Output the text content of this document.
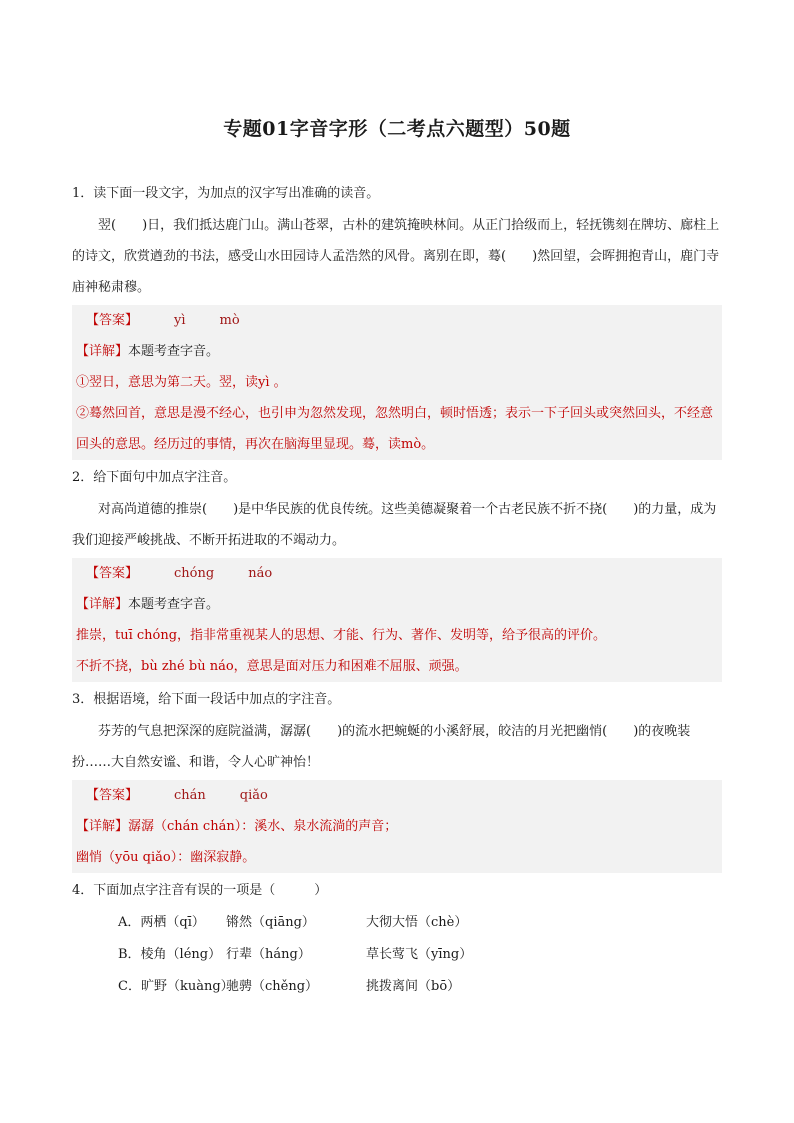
专题01字音字形（二考点六题型）50题
1．读下面一段文字，为加点的汉字写出准确的读音。
翌(　　)日，我们抵达鹿门山。满山苍翠，古朴的建筑掩映林间。从正门拾级而上，轻抚镌刻在牌坊、廊柱上的诗文，欣赏遒劲的书法，感受山水田园诗人孟浩然的风骨。离别在即，蓦(　　)然回望，会晖拥抱青山，鹿门寺庙神秘肃穆。
【答案】	yì	mò
【详解】本题考查字音。
①翌日，意思为第二天。翌，读yì 。
②蓦然回首，意思是漫不经心，也引申为忽然发现，忽然明白，顿时悟透；表示一下子回头或突然回头，不经意回头的意思。经历过的事情，再次在脑海里显现。蓦，读mò。
2．给下面句中加点字注音。
对高尚道德的推崇(　　)是中华民族的优良传统。这些美德凝聚着一个古老民族不折不挠(　　)的力量，成为我们迎接严峻挑战、不断开拓进取的不竭动力。
【答案】	chóng	náo
【详解】本题考查字音。
推崇，tuī chóng，指非常重视某人的思想、才能、行为、著作、发明等，给予很高的评价。
不折不挠，bù zhé bù náo，意思是面对压力和困难不屈服、顽强。
3．根据语境，给下面一段话中加点的字注音。
芬芳的气息把深深的庭院溢满，潺潺(　　)的流水把蜿蜒的小溪舒展，皎洁的月光把幽悄(　　)的夜晚装扮……大自然安谧、和谐，令人心旷神怡！
【答案】	chán	qiǎo
【详解】潺潺（chán chán）：溪水、泉水流淌的声音；
幽悄（yōu qiǎo）：幽深寂静。
4．下面加点字注音有误的一项是（　　　）
A．两栖（qī） 锵然（qiāng）	大彻大悟（chè）
B．棱角（léng） 行辈（háng）	草长莺飞（yīng）
C．旷野（kuàng）驰骋（chěng）	挑拨离间（bō）
